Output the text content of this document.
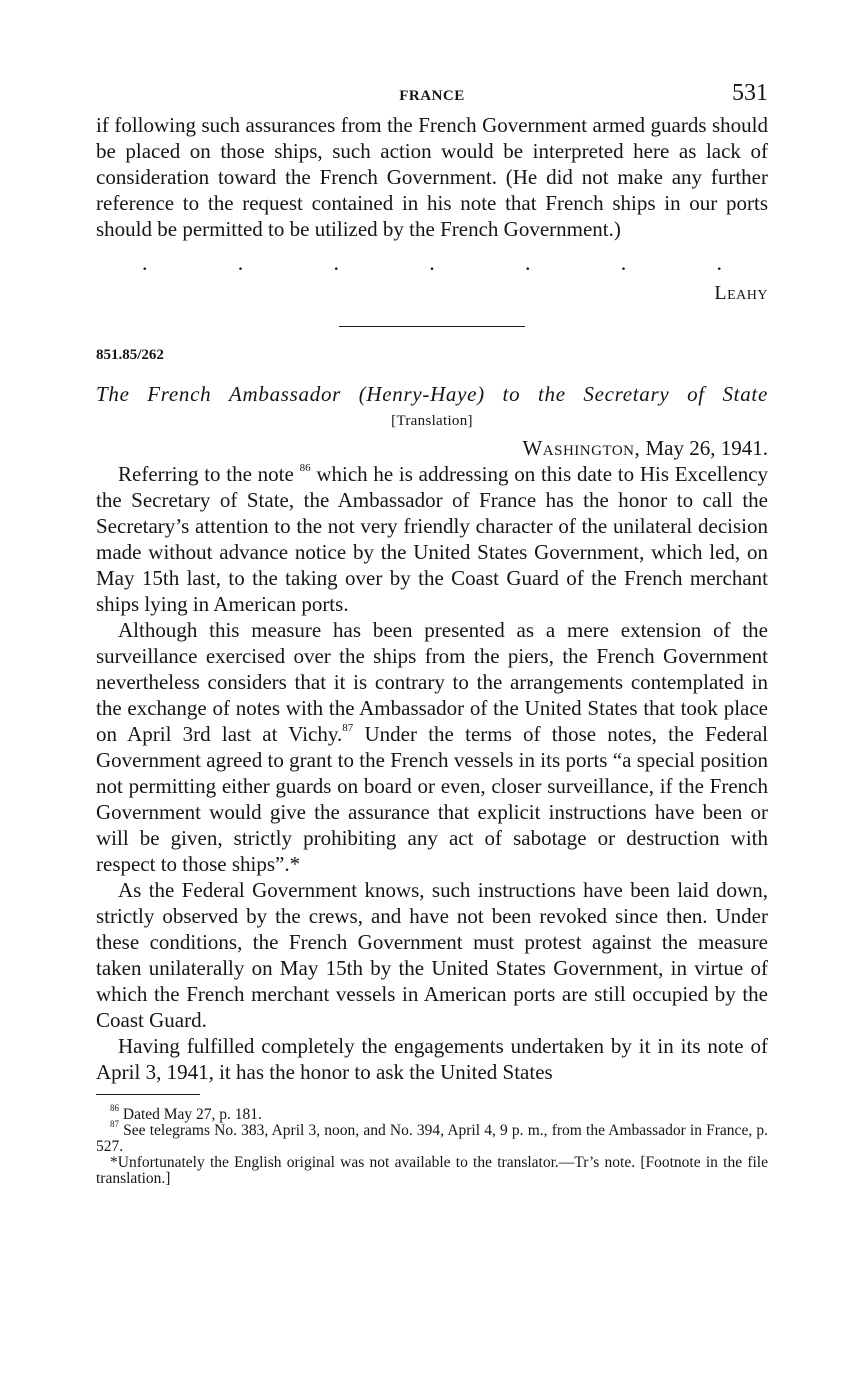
FRANCE	531

if following such assurances from the French Government armed guards should be placed on those ships, such action would be interpreted here as lack of consideration toward the French Government. (He did not make any further reference to the request contained in his note that French ships in our ports should be permitted to be utilized by the French Government.)

.	.	.	.	.	.	.
Leahy
851.85/262
The French Ambassador (Henry-Haye) to the Secretary of State
[Translation]
Washington, May 26, 1941.

Referring to the note $^{86}$ which he is addressing on this date to His Excellency the Secretary of State, the Ambassador of France has the honor to call the Secretary’s attention to the not very friendly character of the unilateral decision made without advance notice by the United States Government, which led, on May 15th last, to the taking over by the Coast Guard of the French merchant ships lying in American ports.

Although this measure has been presented as a mere extension of the surveillance exercised over the ships from the piers, the French Government nevertheless considers that it is contrary to the arrangements contemplated in the exchange of notes with the Ambassador of the United States that took place on April 3rd last at Vichy.$^{87}$ Under the terms of those notes, the Federal Government agreed to grant to the French vessels in its ports “a special position not permitting either guards on board or even, closer surveillance, if the French Government would give the assurance that explicit instructions have been or will be given, strictly prohibiting any act of sabotage or destruction with respect to those ships”.*

As the Federal Government knows, such instructions have been laid down, strictly observed by the crews, and have not been revoked since then. Under these conditions, the French Government must protest against the measure taken unilaterally on May 15th by the United States Government, in virtue of which the French merchant vessels in American ports are still occupied by the Coast Guard.

Having fulfilled completely the engagements undertaken by it in its note of April 3, 1941, it has the honor to ask the United States

$^{86}$ Dated May 27, p. 181.

$^{87}$ See telegrams No. 383, April 3, noon, and No. 394, April 4, 9 p. m., from the Ambassador in France, p. 527.

*Unfortunately the English original was not available to the translator.—Tr’s note. [Footnote in the file translation.]
